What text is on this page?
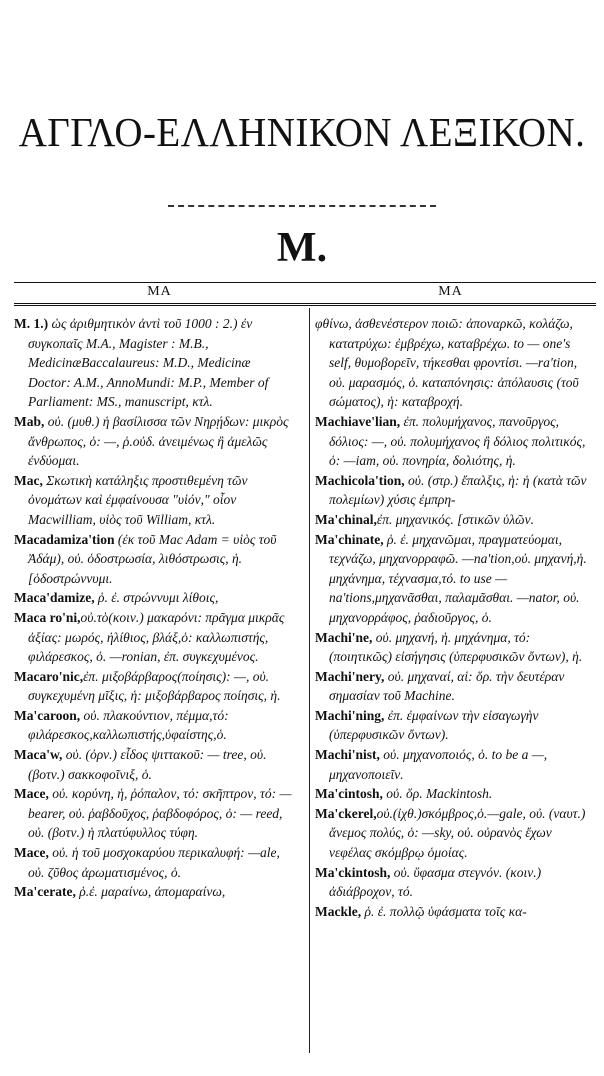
ΑΓΓΛΟ-ΕΛΛΗΝΙΚΟΝ ΛΕΞΙΚΟΝ.
M.
ΜΑ	ΜΑ
M. 1.) ὡς ἀριθμητικὸν ἀντὶ τοῦ 1000 : 2.) ἐν συγκοπαῖς M.A., Magister : M.B., MedicinæBaccalaureus: M.D., Medicinæ Doctor: A.M., AnnoMundi: M.P., Member of Parliament: MS., manuscript, κτλ.
Mab, οὐ. (μυθ.) ἡ βασίλισσα τῶν Νηρῄδων: μικρὸς ἄνθρωπος, ὁ: —, ῥ.οὐδ. ἀνειμένως ἢ ἀμελῶς ἐνδύομαι.
Mac, Σκωτικὴ κατάληξις προστιθεμένη τῶν ὀνομάτων καὶ ἐμφαίνουσα "υἱόν," οἷον Macwilliam, υἱὸς τοῦ William, κτλ.
Macadamiza'tion (ἐκ τοῦ Mac Adam = υἱὸς τοῦ Ἀδάμ), οὐ. ὁδοστρωσία, λιθόστρωσις, ἡ. [ὁδοστρώννυμι.
Maca'damize, ῥ. ἐ. στρώννυμι λίθοις,
Maca ro'ni,οὐ.τὸ(κοιν.) μακαρόνι: πρᾶγμα μικρᾶς ἀξίας: μωρός, ἠλίθιος, βλάξ,ὁ: καλλωπιστής, φιλάρεσκος, ὁ. —ronian, ἐπ. συγκεχυμένος.
Macaro'nic,ἐπ. μιξοβάρβαρος(ποίησις): —, οὐ. συγκεχυμένη μῖξις, ἡ: μιξοβάρβαρος ποίησις, ἡ.
Ma'caroon, οὐ. πλακούντιον, πέμμα,τό: φιλάρεσκος,καλλωπιστής,ὑφαίστης,ὁ.
Maca'w, οὐ. (ὀρν.) εἶδος ψιττακοῦ: — tree, οὐ. (βοτν.) σακκοφοῖνιξ, ὁ.
Mace, οὐ. κορύνη, ἡ, ῥόπαλον, τό: σκῆπτρον, τό: — bearer, οὐ. ῥαβδοῦχος, ῥαβδοφόρος, ὁ: — reed, οὐ. (βοτν.) ἡ πλατύφυλλος τύφη.
Mace, οὐ. ἡ τοῦ μοσχοκαρύου περικαλυφή: —ale, οὐ. ζῦθος ἀρωματισμένος, ὁ.
Ma'cerate, ῥ.ἐ. μαραίνω, ἀπομαραίνω,
φθίνω, ἀσθενέστερον ποιῶ: ἀποναρκῶ, κολάζω, κατατρύχω: ἐμβρέχω, καταβρέχω. to — one's self, θυμοβορεῖν, τήκεσθαι φροντίσι. —ra'tion, οὐ. μαρασμός, ὁ. καταπόνησις: ἀπόλαυσις (τοῦ σώματος), ἡ: καταβροχή.
Machiave'lian, ἐπ. πολυμήχανος, πανοῦργος, δόλιος: —, οὐ. πολυμήχανος ἢ δόλιος πολιτικός, ὁ: —iam, οὐ. πονηρία, δολιότης, ἡ.
Machicola'tion, οὐ. (στρ.) ἔπαλξις, ἡ: ἡ (κατὰ τῶν πολεμίων) χύσις ἐμπρη-
Ma'chinal,ἐπ. μηχανικός. [στικῶν ὑλῶν.
Ma'chinate, ῥ. ἐ. μηχανῶμαι, πραγματεύομαι, τεχνάζω, μηχανορραφῶ. —na'tion,οὐ. μηχανή,ἡ. μηχάνημα, τέχνασμα,τό. to use —na'tions,μηχανᾶσθαι, παλαμᾶσθαι. —nator, οὐ. μηχανορράφος, ῥαδιοῦργος, ὁ.
Machi'ne, οὐ. μηχανή, ἡ. μηχάνημα, τό: (ποιητικῶς) εἰσήγησις (ὑπερφυσικῶν ὄντων), ἡ.
Machi'nery, οὐ. μηχαναί, αἱ: ὅρ. τὴν δευτέραν σημασίαν τοῦ Machine.
Machi'ning, ἐπ. ἐμφαίνων τὴν εἰσαγωγὴν (ὑπερφυσικῶν ὄντων).
Machi'nist, οὐ. μηχανοποιός, ὁ. to be a —, μηχανοποιεῖν.
Ma'cintosh, οὐ. ὅρ. Mackintosh.
Ma'ckerel,οὐ.(ἰχθ.)σκόμβρος,ὁ.—gale, οὐ. (ναυτ.) ἄνεμος πολύς, ὁ: —sky, οὐ. οὐρανὸς ἔχων νεφέλας σκόμβρῳ ὁμοίας.
Ma'ckintosh, οὐ. ὕφασμα στεγνόν. (κοιν.) ἀδιάβροχον, τό.
Mackle, ῥ. ἐ. πολλῷ ὑφάσματα τοῖς κα-
